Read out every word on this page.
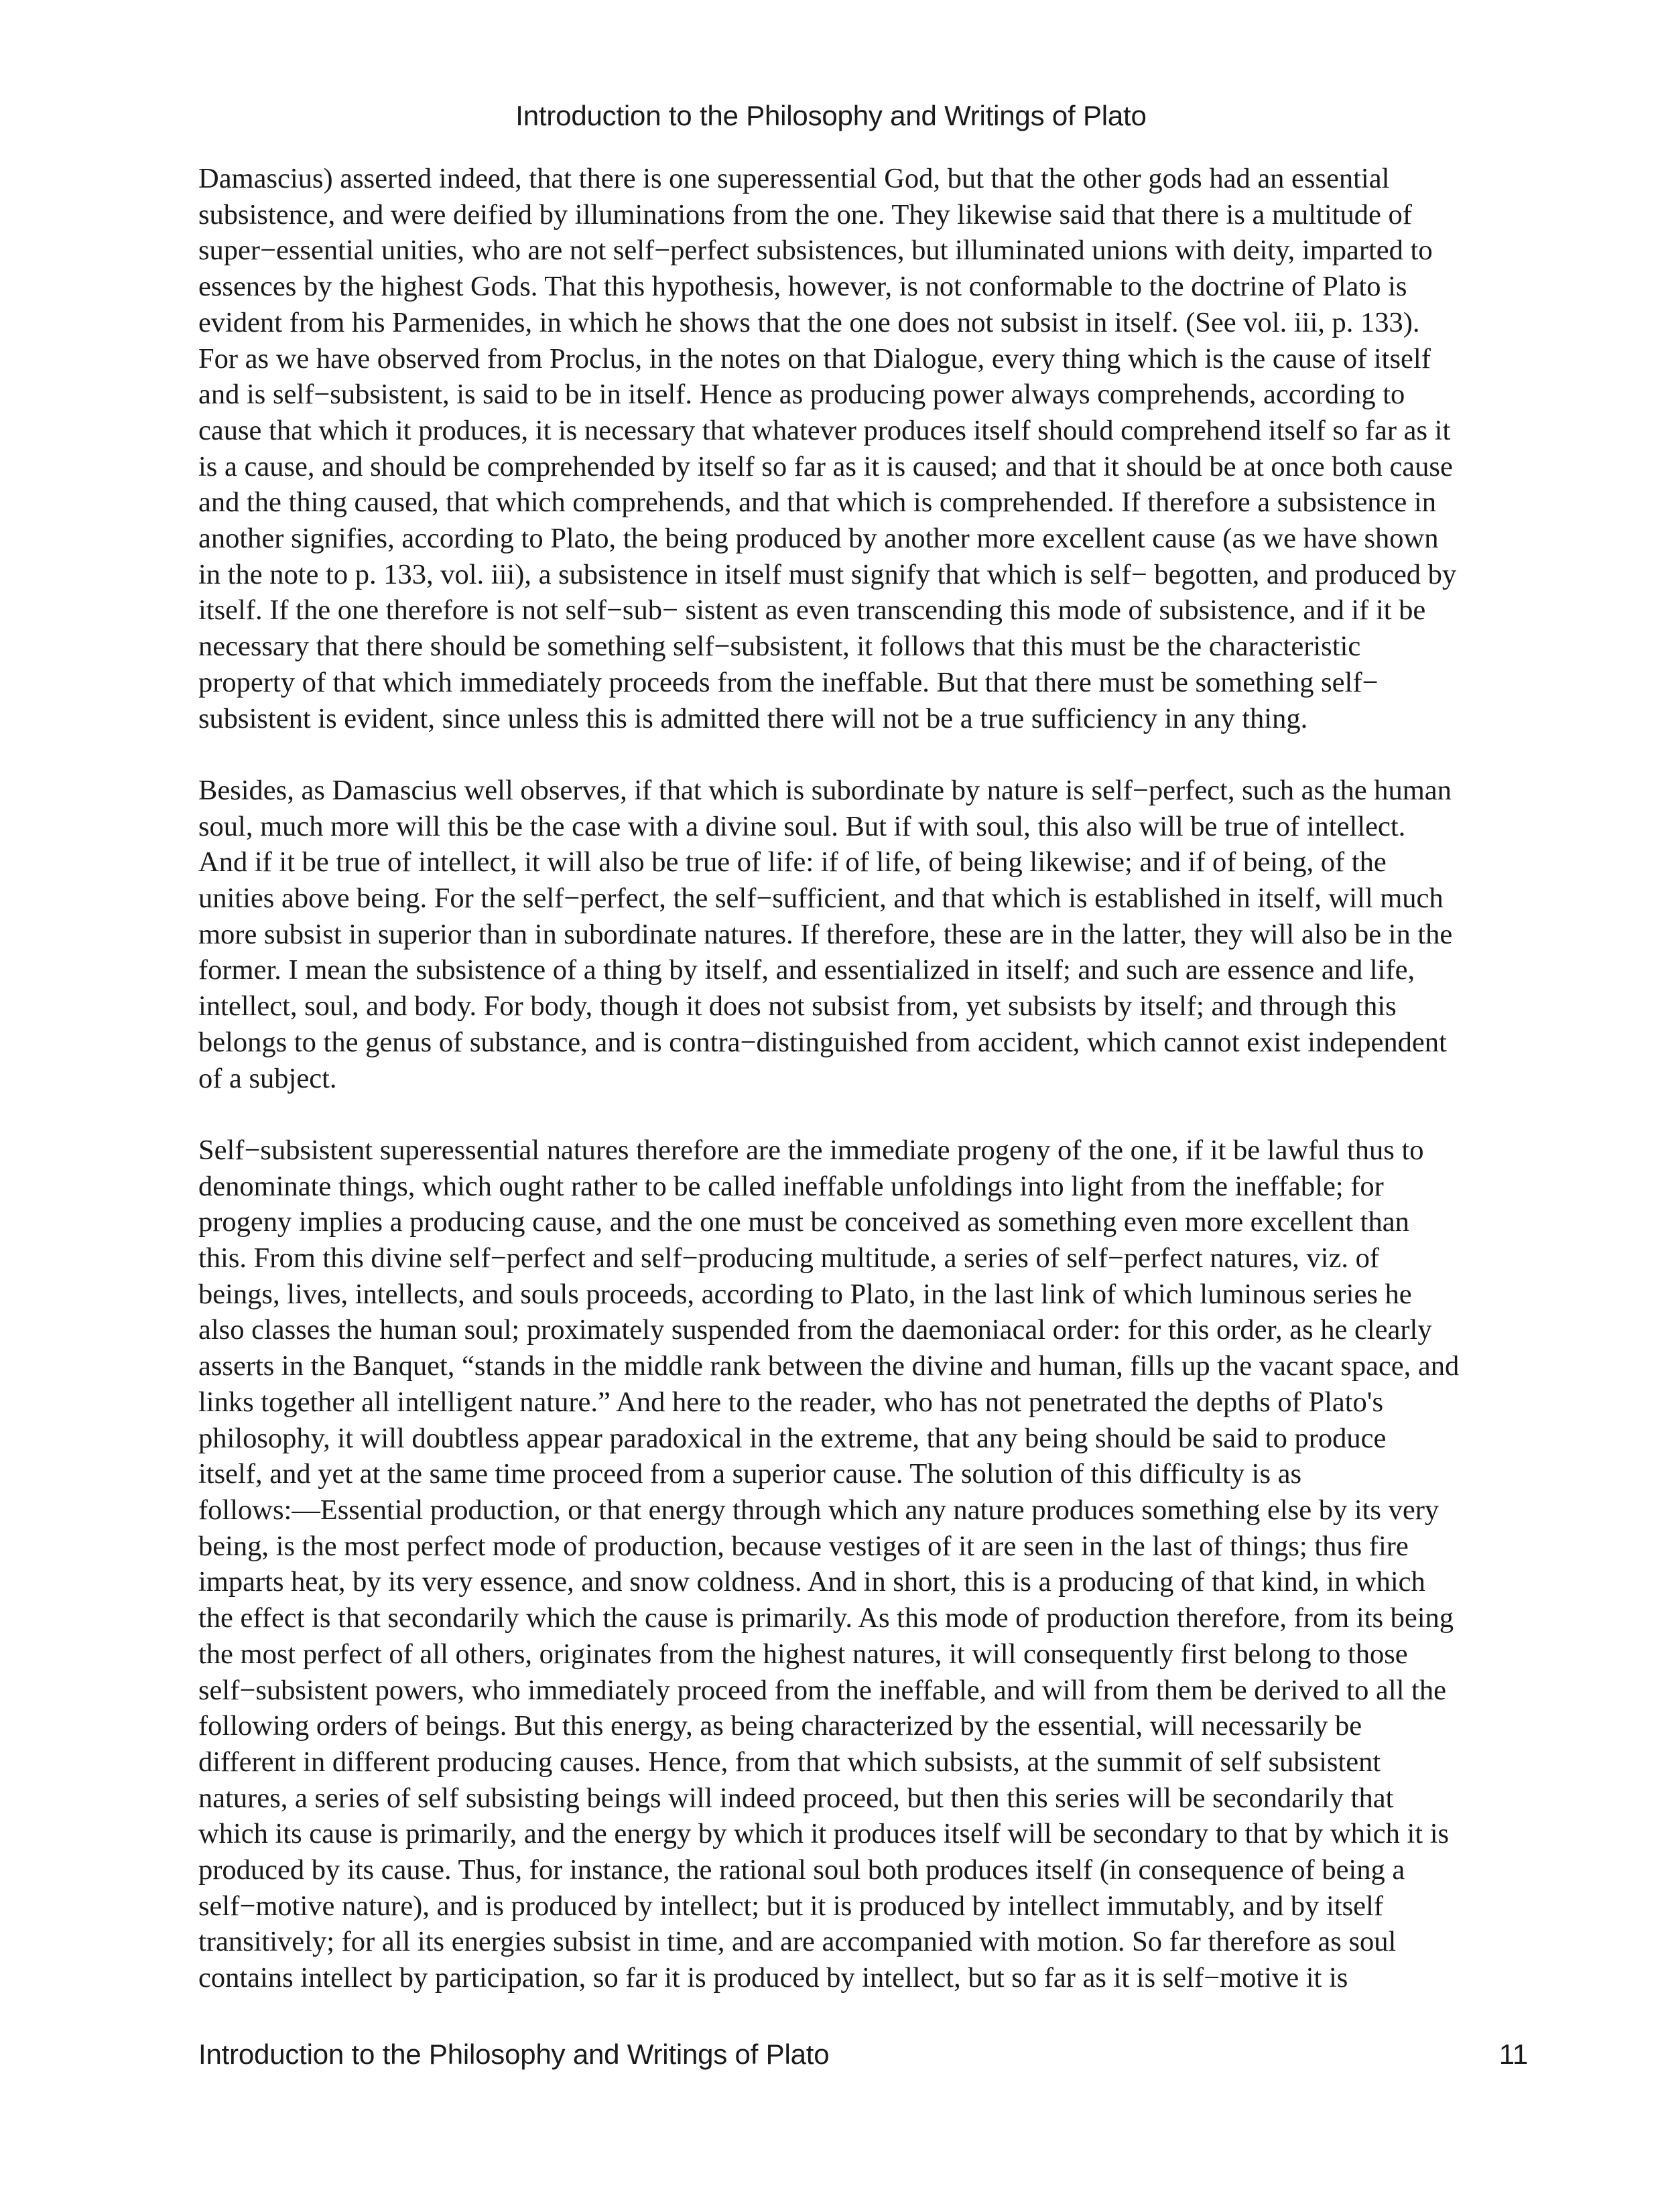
Introduction to the Philosophy and Writings of Plato
Damascius) asserted indeed, that there is one superessential God, but that the other gods had an essential
subsistence, and were deified by illuminations from the one. They likewise said that there is a multitude of
super−essential unities, who are not self−perfect subsistences, but illuminated unions with deity, imparted to
essences by the highest Gods. That this hypothesis, however, is not conformable to the doctrine of Plato is
evident from his Parmenides, in which he shows that the one does not subsist in itself. (See vol. iii, p. 133).
For as we have observed from Proclus, in the notes on that Dialogue, every thing which is the cause of itself
and is self−subsistent, is said to be in itself. Hence as producing power always comprehends, according to
cause that which it produces, it is necessary that whatever produces itself should comprehend itself so far as it
is a cause, and should be comprehended by itself so far as it is caused; and that it should be at once both cause
and the thing caused, that which comprehends, and that which is comprehended. If therefore a subsistence in
another signifies, according to Plato, the being produced by another more excellent cause (as we have shown
in the note to p. 133, vol. iii), a subsistence in itself must signify that which is self− begotten, and produced by
itself. If the one therefore is not self−sub− sistent as even transcending this mode of subsistence, and if it be
necessary that there should be something self−subsistent, it follows that this must be the characteristic
property of that which immediately proceeds from the ineffable. But that there must be something self−
subsistent is evident, since unless this is admitted there will not be a true sufficiency in any thing.
Besides, as Damascius well observes, if that which is subordinate by nature is self−perfect, such as the human
soul, much more will this be the case with a divine soul. But if with soul, this also will be true of intellect.
And if it be true of intellect, it will also be true of life: if of life, of being likewise; and if of being, of the
unities above being. For the self−perfect, the self−sufficient, and that which is established in itself, will much
more subsist in superior than in subordinate natures. If therefore, these are in the latter, they will also be in the
former. I mean the subsistence of a thing by itself, and essentialized in itself; and such are essence and life,
intellect, soul, and body. For body, though it does not subsist from, yet subsists by itself; and through this
belongs to the genus of substance, and is contra−distinguished from accident, which cannot exist independent
of a subject.
Self−subsistent superessential natures therefore are the immediate progeny of the one, if it be lawful thus to
denominate things, which ought rather to be called ineffable unfoldings into light from the ineffable; for
progeny implies a producing cause, and the one must be conceived as something even more excellent than
this. From this divine self−perfect and self−producing multitude, a series of self−perfect natures, viz. of
beings, lives, intellects, and souls proceeds, according to Plato, in the last link of which luminous series he
also classes the human soul; proximately suspended from the daemoniacal order: for this order, as he clearly
asserts in the Banquet, “stands in the middle rank between the divine and human, fills up the vacant space, and
links together all intelligent nature.” And here to the reader, who has not penetrated the depths of Plato's
philosophy, it will doubtless appear paradoxical in the extreme, that any being should be said to produce
itself, and yet at the same time proceed from a superior cause. The solution of this difficulty is as
follows:—Essential production, or that energy through which any nature produces something else by its very
being, is the most perfect mode of production, because vestiges of it are seen in the last of things; thus fire
imparts heat, by its very essence, and snow coldness. And in short, this is a producing of that kind, in which
the effect is that secondarily which the cause is primarily. As this mode of production therefore, from its being
the most perfect of all others, originates from the highest natures, it will consequently first belong to those
self−subsistent powers, who immediately proceed from the ineffable, and will from them be derived to all the
following orders of beings. But this energy, as being characterized by the essential, will necessarily be
different in different producing causes. Hence, from that which subsists, at the summit of self subsistent
natures, a series of self subsisting beings will indeed proceed, but then this series will be secondarily that
which its cause is primarily, and the energy by which it produces itself will be secondary to that by which it is
produced by its cause. Thus, for instance, the rational soul both produces itself (in consequence of being a
self−motive nature), and is produced by intellect; but it is produced by intellect immutably, and by itself
transitively; for all its energies subsist in time, and are accompanied with motion. So far therefore as soul
contains intellect by participation, so far it is produced by intellect, but so far as it is self−motive it is
Introduction to the Philosophy and Writings of Plato	11
